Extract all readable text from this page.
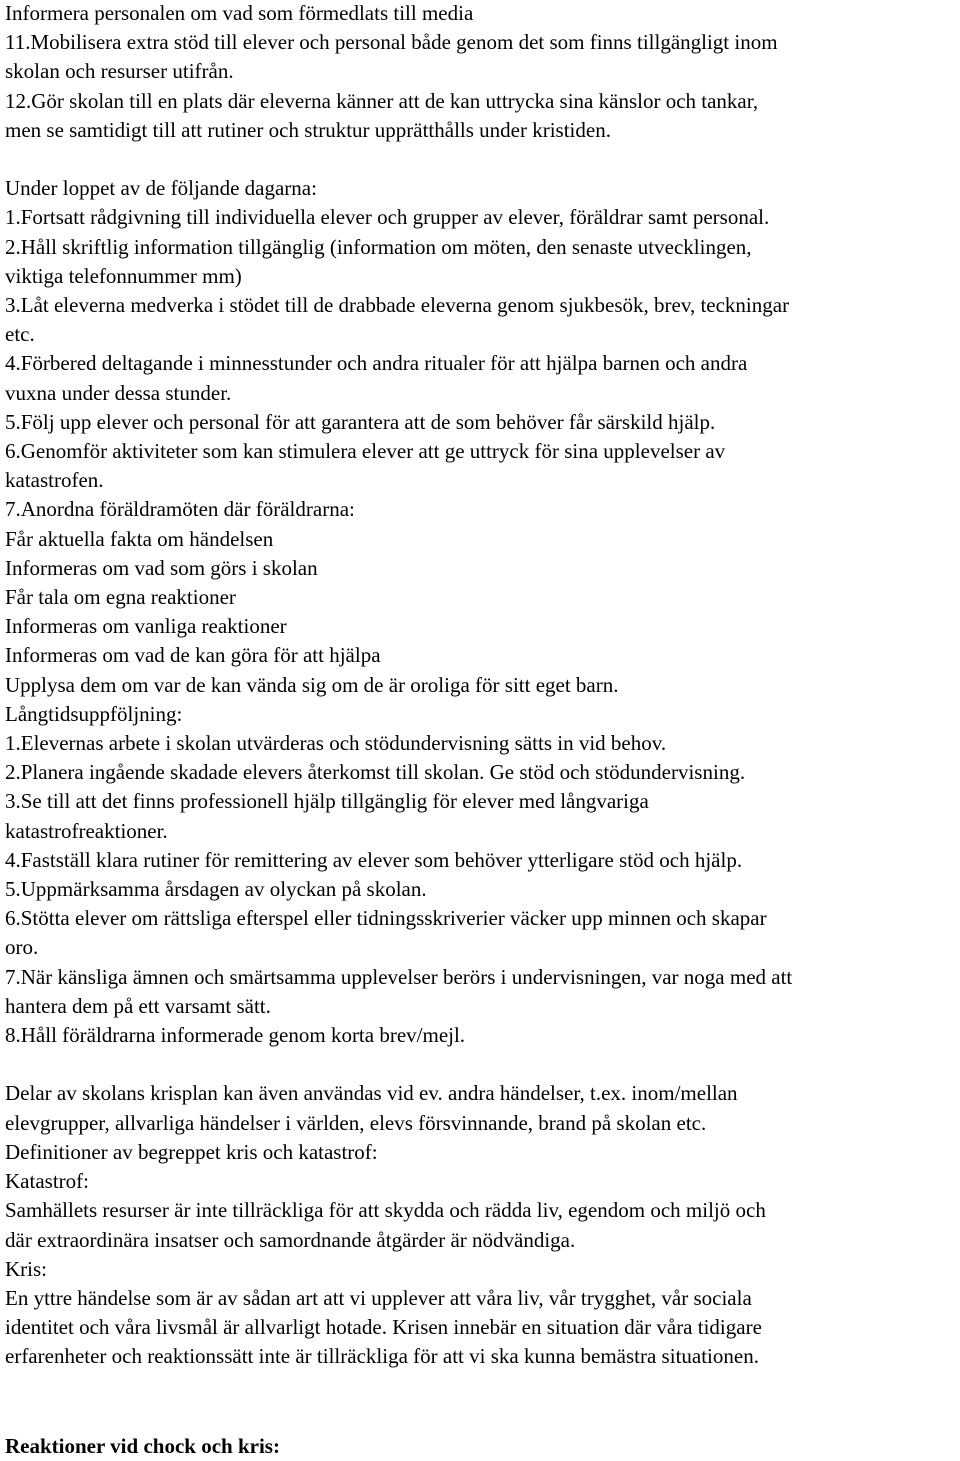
Informera personalen om vad som förmedlats till media
11.Mobilisera extra stöd till elever och personal både genom det som finns tillgängligt inom
skolan och resurser utifrån.
12.Gör skolan till en plats där eleverna känner att de kan uttrycka sina känslor och tankar,
men se samtidigt till att rutiner och struktur upprätthålls under kristiden.
Under loppet av de följande dagarna:
1.Fortsatt rådgivning till individuella elever och grupper av elever, föräldrar samt personal.
2.Håll skriftlig information tillgänglig (information om möten, den senaste utvecklingen,
viktiga telefonnummer mm)
3.Låt eleverna medverka i stödet till de drabbade eleverna genom sjukbesök, brev, teckningar
etc.
4.Förbered deltagande i minnesstunder och andra ritualer för att hjälpa barnen och andra
vuxna under dessa stunder.
5.Följ upp elever och personal för att garantera att de som behöver får särskild hjälp.
6.Genomför aktiviteter som kan stimulera elever att ge uttryck för sina upplevelser av
katastrofen.
7.Anordna föräldramöten där föräldrarna:
Får aktuella fakta om händelsen
Informeras om vad som görs i skolan
Får tala om egna reaktioner
Informeras om vanliga reaktioner
Informeras om vad de kan göra för att hjälpa
Upplysa dem om var de kan vända sig om de är oroliga för sitt eget barn.
Långtidsuppföljning:
1.Elevernas arbete i skolan utvärderas och stödundervisning sätts in vid behov.
2.Planera ingående skadade elevers återkomst till skolan. Ge stöd och stödundervisning.
3.Se till att det finns professionell hjälp tillgänglig för elever med långvariga
katastrofreaktioner.
4.Fastställ klara rutiner för remittering av elever som behöver ytterligare stöd och hjälp.
5.Uppmärksamma årsdagen av olyckan på skolan.
6.Stötta elever om rättsliga efterspel eller tidningsskriverier väcker upp minnen och skapar
oro.
7.När känsliga ämnen och smärtsamma upplevelser berörs i undervisningen, var noga med att
hantera dem på ett varsamt sätt.
8.Håll föräldrarna informerade genom korta brev/mejl.
Delar av skolans krisplan kan även användas vid ev. andra händelser, t.ex. inom/mellan
elevgrupper, allvarliga händelser i världen, elevs försvinnande, brand på skolan etc.
Definitioner av begreppet kris och katastrof:
Katastrof:
Samhällets resurser är inte tillräckliga för att skydda och rädda liv, egendom och miljö och
där extraordinära insatser och samordnande åtgärder är nödvändiga.
Kris:
En yttre händelse som är av sådan art att vi upplever att våra liv, vår trygghet, vår sociala
identitet och våra livsmål är allvarligt hotade. Krisen innebär en situation där våra tidigare
erfarenheter och reaktionssätt inte är tillräckliga för att vi ska kunna bemästra situationen.
Reaktioner vid chock och kris:
